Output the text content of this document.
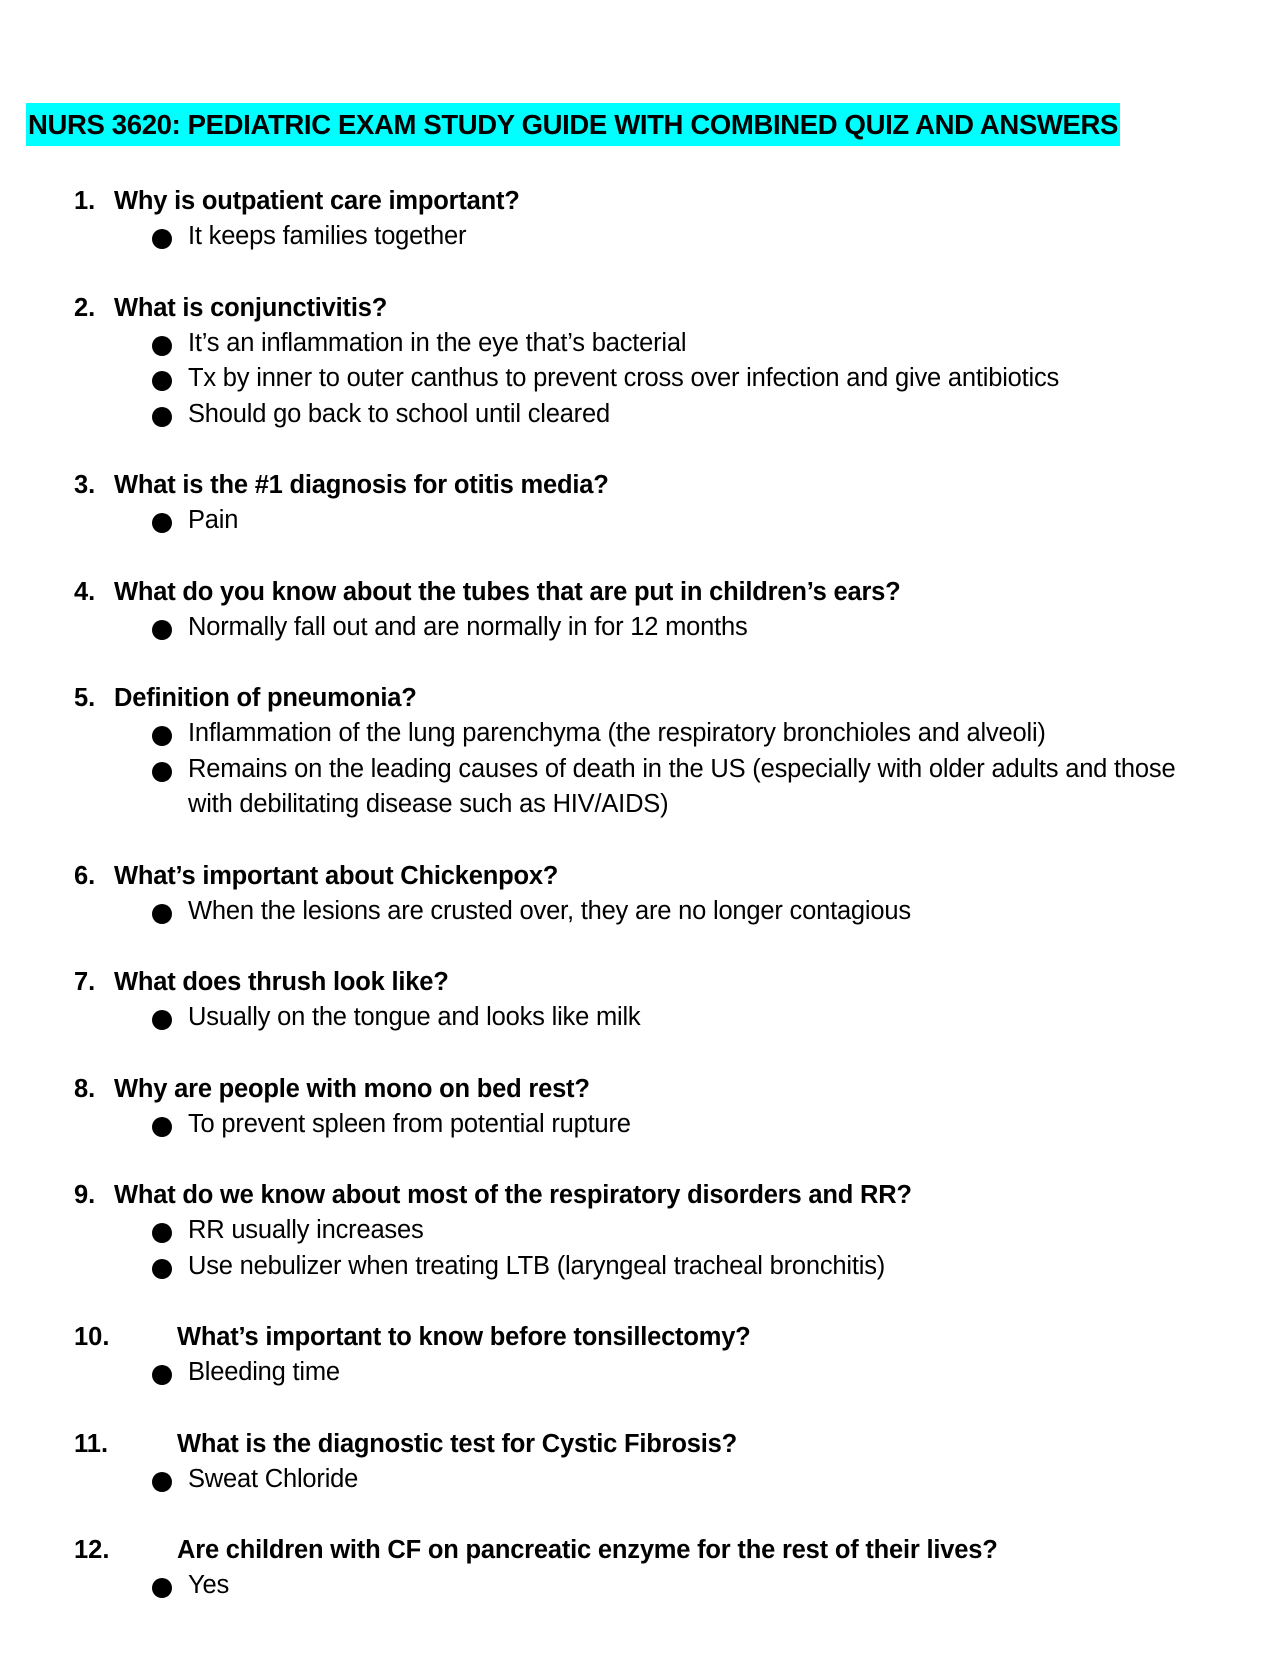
NURS 3620: PEDIATRIC EXAM STUDY GUIDE WITH COMBINED QUIZ AND ANSWERS
1. Why is outpatient care important?
It keeps families together
2. What is conjunctivitis?
It’s an inflammation in the eye that’s bacterial
Tx by inner to outer canthus to prevent cross over infection and give antibiotics
Should go back to school until cleared
3. What is the #1 diagnosis for otitis media?
Pain
4. What do you know about the tubes that are put in children’s ears?
Normally fall out and are normally in for 12 months
5. Definition of pneumonia?
Inflammation of the lung parenchyma (the respiratory bronchioles and alveoli)
Remains on the leading causes of death in the US (especially with older adults and those with debilitating disease such as HIV/AIDS)
6. What’s important about Chickenpox?
When the lesions are crusted over, they are no longer contagious
7. What does thrush look like?
Usually on the tongue and looks like milk
8. Why are people with mono on bed rest?
To prevent spleen from potential rupture
9. What do we know about most of the respiratory disorders and RR?
RR usually increases
Use nebulizer when treating LTB (laryngeal tracheal bronchitis)
10.	What’s important to know before tonsillectomy?
Bleeding time
11.	What is the diagnostic test for Cystic Fibrosis?
Sweat Chloride
12.	Are children with CF on pancreatic enzyme for the rest of their lives?
Yes
